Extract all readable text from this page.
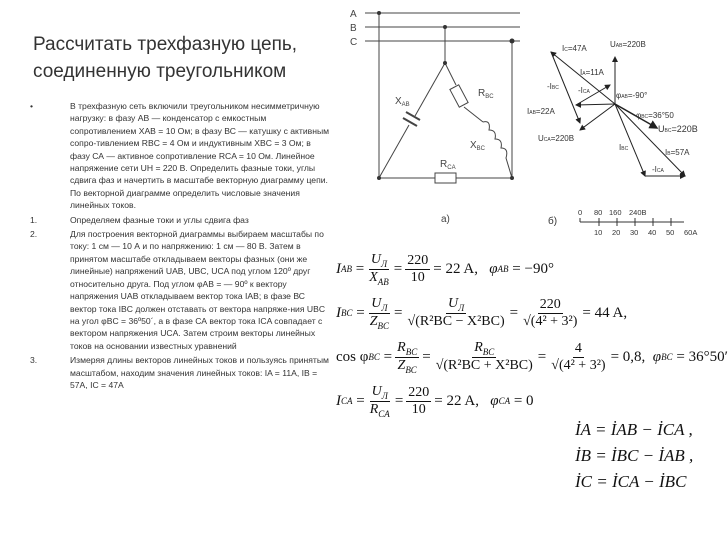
Рассчитать трехфазную цепь, соединенную треугольником
•	В трехфазную сеть включили треугольником несимметричную нагрузку: в фазу АВ — конденсатор с емкостным сопротивлением XAB = 10 Ом; в фазу ВС — катушку с активным сопро-тивлением RBC = 4 Ом и индуктивным XBC = 3 Ом; в фазу СА — активное сопротивление RCA = 10 Ом. Линейное напряжение сети UН = 220 В. Определить фазные токи, углы сдвига фаз и начертить в масштабе векторную диаграмму цепи. По векторной диаграмме определить числовые значения линейных токов.
1.	Определяем фазные токи и углы сдвига фаз
2.	Для построения векторной диаграммы выбираем масштабы по току: 1 см — 10 А и по напряжению: 1 см — 80 В. Затем в принятом масштабе откладываем векторы фазных (они же линейные) напряжений UAB, UBC, UCA под углом 120º друг относительно друга. Под углом φAB = — 90º к вектору напряжения UAB откладываем вектор тока IAB; в фазе ВС вектор тока IBC должен отставать от вектора напряже-ния UBC на угол φBC = 36º50´, а в фазе СА вектор тока ICA совпадает с вектором напряжения UCA. Затем строим векторы линейных токов на основании известных уравнений
3.	Измеряя длины векторов линейных токов и пользуясь принятым масштабом, находим значения линейных токов: IA = 11A, IB = 57A, IC = 47A
A
B
C
$X_{AB}$
$R_{BC}$
$X_{BC}$
$R_{CA}$
а)
UAB=220В
IC=47А
IA=11А
φAB=-90°
-ICA
-IBC
IAB=22А	φBC=36°50
UBC=220В
UCA=220В
IBC	IB=57А
-ICA
б)
0 80 160 240В
10 20 30 40 50 60А
I AB =
$U_Л$
$X_{AB}$
= $\frac{220}{10} = 22$ A,
φ AB
= −90°
I BC =
$U_Л$
$Z_{BC}$
=
$U_Л$
√(R²BC − X²BC)
= $\frac{220}{\text{√(4² + 3²)}} = 44$ A,
cos φ BC =
$R_{BC}$
$Z_{BC}$
=
$R_{BC}$
√(R²BC + X²BC)
= $\frac{4}{\text{√(4² + 3²)}} = 0,8$,
φ BC
= 36°50′
I CA =
$U_Л$
$R_{CA}$
= $\frac{220}{10} = 22$ A,
φ CA
= 0
İA = İAB − İCA ,
İB = İBC − İAB ,
İC = İCA − İBC
